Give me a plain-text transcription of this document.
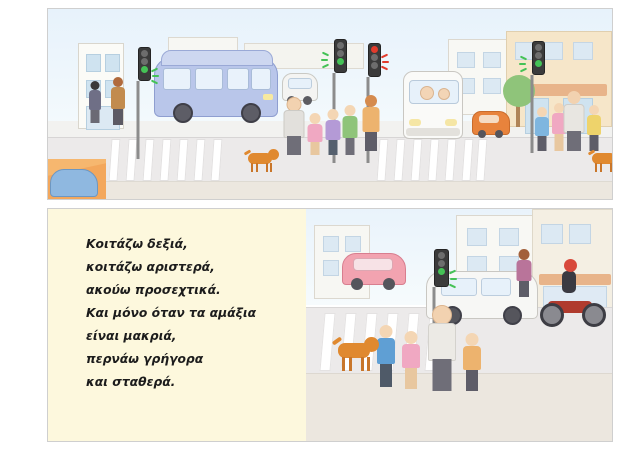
Κοιτάζω δεξιά,
κοιτάζω αριστερά,
ακούω προσεχτικά.
Και μόνο όταν τα αμάξια
είναι μακριά,
περνάω γρήγορα
και σταθερά.
